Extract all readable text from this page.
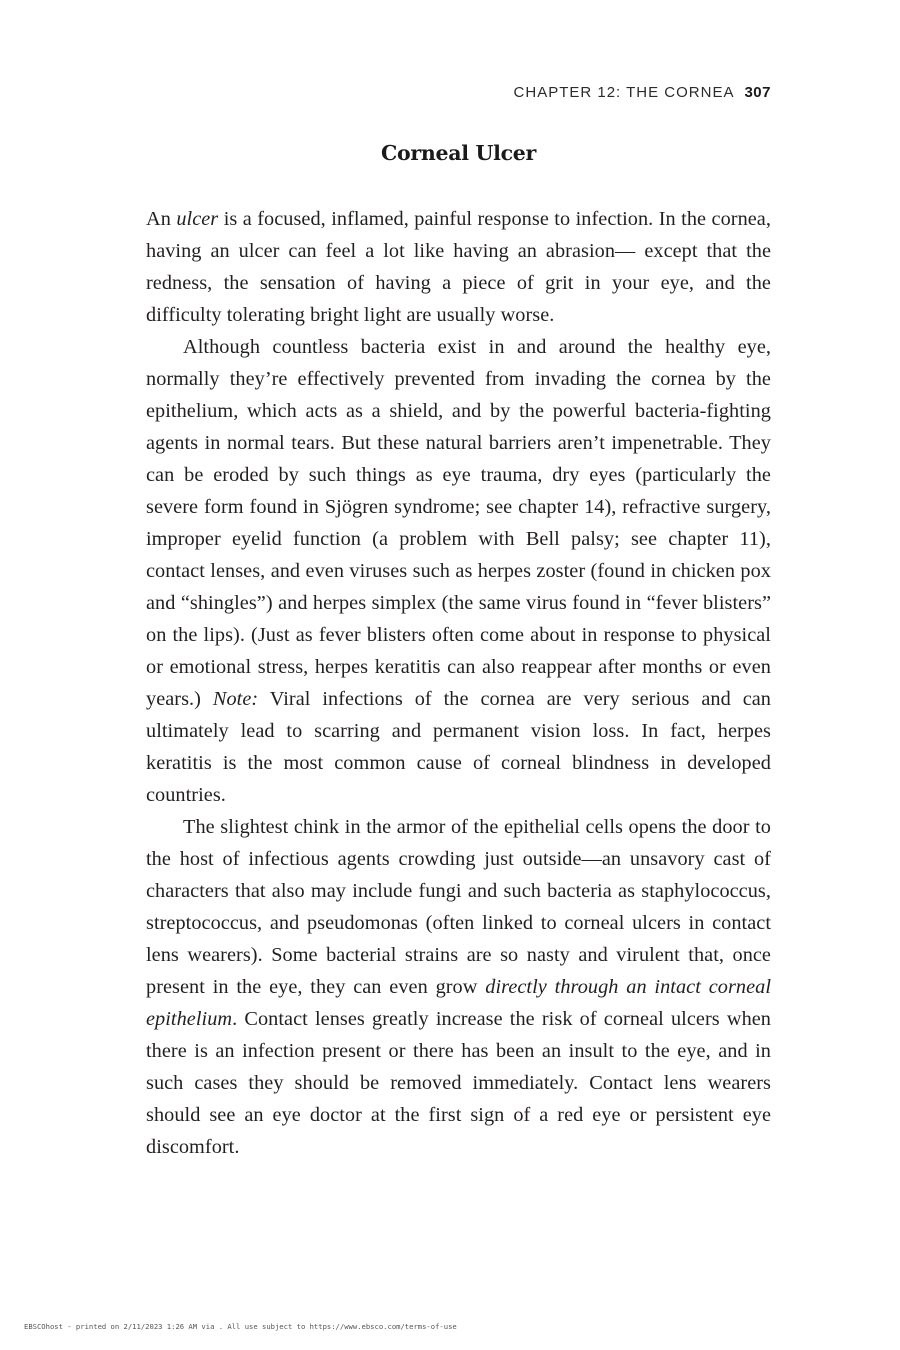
CHAPTER 12: THE CORNEA 307
Corneal Ulcer

An ulcer is a focused, inflamed, painful response to infection. In the cornea, having an ulcer can feel a lot like having an abrasion— except that the redness, the sensation of having a piece of grit in your eye, and the difficulty tolerating bright light are usually worse.

Although countless bacteria exist in and around the healthy eye, normally they’re effectively prevented from invading the cornea by the epithelium, which acts as a shield, and by the powerful bacteria-fighting agents in normal tears. But these natural barriers aren’t impenetrable. They can be eroded by such things as eye trauma, dry eyes (particularly the severe form found in Sjögren syndrome; see chapter 14), refractive surgery, improper eyelid function (a problem with Bell palsy; see chapter 11), contact lenses, and even viruses such as herpes zoster (found in chicken pox and “shingles”) and herpes simplex (the same virus found in “fever blisters” on the lips). (Just as fever blisters often come about in response to physical or emotional stress, herpes keratitis can also reappear after months or even years.) Note: Viral infections of the cornea are very serious and can ultimately lead to scarring and permanent vision loss. In fact, herpes keratitis is the most common cause of corneal blindness in developed countries.

The slightest chink in the armor of the epithelial cells opens the door to the host of infectious agents crowding just outside—an unsavory cast of characters that also may include fungi and such bacteria as staphylococcus, streptococcus, and pseudomonas (often linked to corneal ulcers in contact lens wearers). Some bacterial strains are so nasty and virulent that, once present in the eye, they can even grow directly through an intact corneal epithelium. Contact lenses greatly increase the risk of corneal ulcers when there is an infection present or there has been an insult to the eye, and in such cases they should be removed immediately. Contact lens wearers should see an eye doctor at the first sign of a red eye or persistent eye discomfort.

EBSCOhost - printed on 2/11/2023 1:26 AM via . All use subject to https://www.ebsco.com/terms-of-use
